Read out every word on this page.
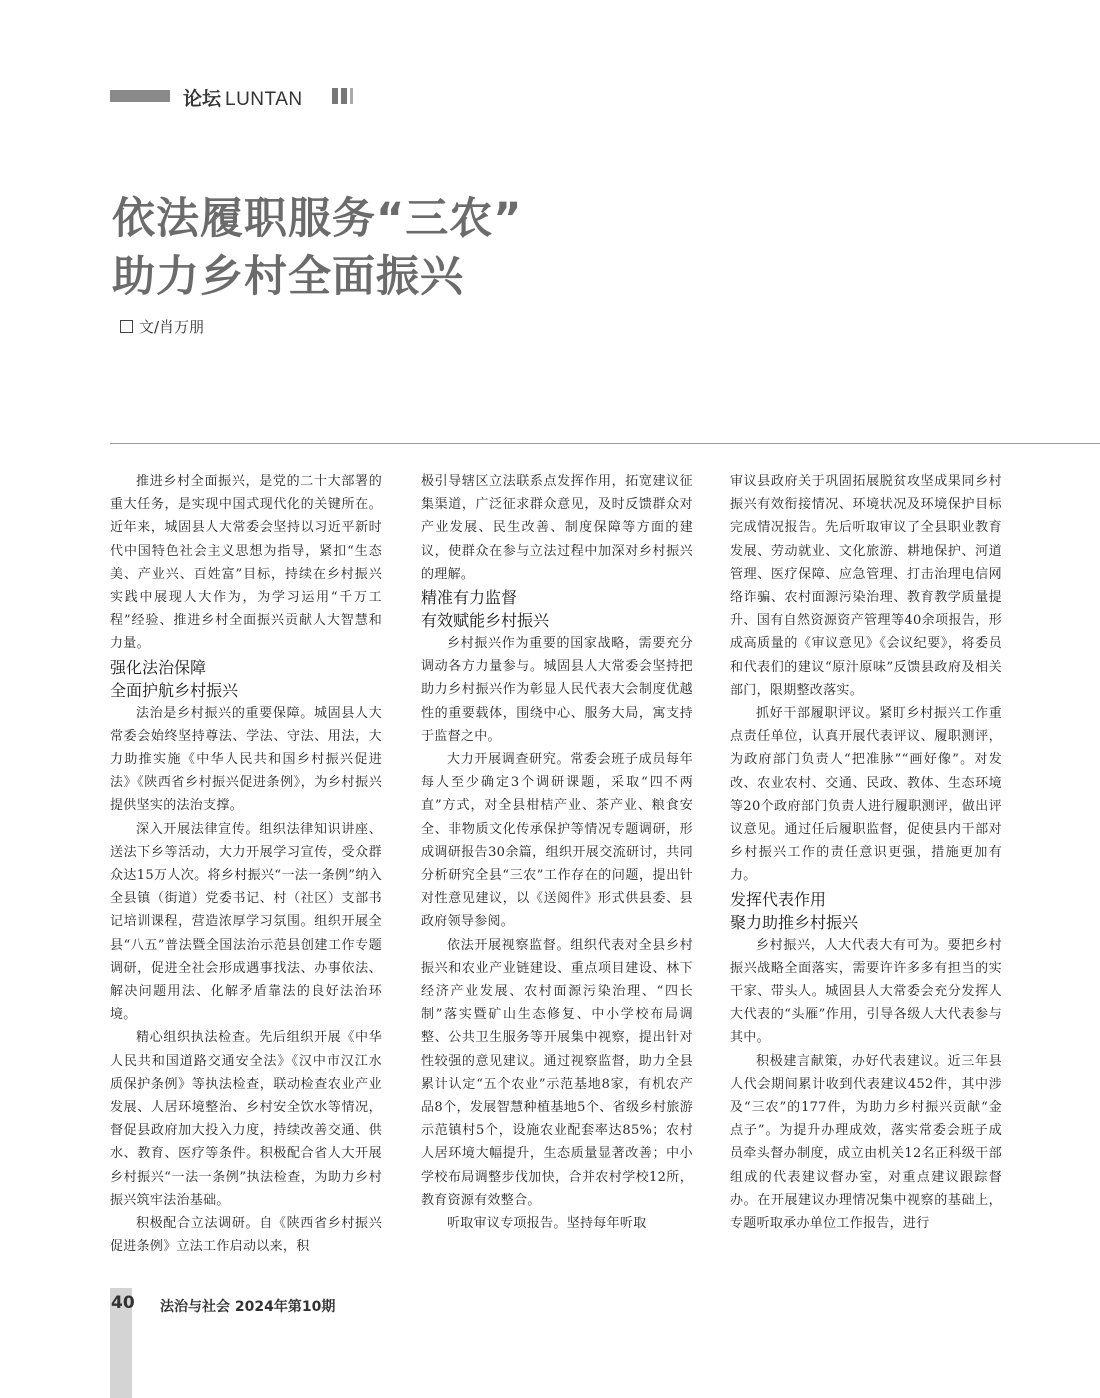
论坛 LUNTAN
依法履职服务“三农”
助力乡村全面振兴
文/肖万朋

推进乡村全面振兴，是党的二十大部署的重大任务，是实现中国式现代化的关键所在。近年来，城固县人大常委会坚持以习近平新时代中国特色社会主义思想为指导，紧扣“生态美、产业兴、百姓富”目标，持续在乡村振兴实践中展现人大作为，为学习运用“千万工程”经验、推进乡村全面振兴贡献人大智慧和力量。

强化法治保障
全面护航乡村振兴

法治是乡村振兴的重要保障。城固县人大常委会始终坚持尊法、学法、守法、用法，大力助推实施《中华人民共和国乡村振兴促进法》《陕西省乡村振兴促进条例》，为乡村振兴提供坚实的法治支撑。

深入开展法律宣传。组织法律知识讲座、送法下乡等活动，大力开展学习宣传，受众群众达15万人次。将乡村振兴“一法一条例”纳入全县镇（街道）党委书记、村（社区）支部书记培训课程，营造浓厚学习氛围。组织开展全县“八五”普法暨全国法治示范县创建工作专题调研，促进全社会形成遇事找法、办事依法、解决问题用法、化解矛盾靠法的良好法治环境。

精心组织执法检查。先后组织开展《中华人民共和国道路交通安全法》《汉中市汉江水质保护条例》等执法检查，联动检查农业产业发展、人居环境整治、乡村安全饮水等情况，督促县政府加大投入力度，持续改善交通、供水、教育、医疗等条件。积极配合省人大开展乡村振兴“一法一条例”执法检查，为助力乡村振兴筑牢法治基础。

积极配合立法调研。自《陕西省乡村振兴促进条例》立法工作启动以来，积

极引导辖区立法联系点发挥作用，拓宽建议征集渠道，广泛征求群众意见，及时反馈群众对产业发展、民生改善、制度保障等方面的建议，使群众在参与立法过程中加深对乡村振兴的理解。

精准有力监督
有效赋能乡村振兴

乡村振兴作为重要的国家战略，需要充分调动各方力量参与。城固县人大常委会坚持把助力乡村振兴作为彰显人民代表大会制度优越性的重要载体，围绕中心、服务大局，寓支持于监督之中。

大力开展调查研究。常委会班子成员每年每人至少确定3个调研课题，采取“四不两直”方式，对全县柑桔产业、茶产业、粮食安全、非物质文化传承保护等情况专题调研，形成调研报告30余篇，组织开展交流研讨，共同分析研究全县“三农”工作存在的问题，提出针对性意见建议，以《送阅件》形式供县委、县政府领导参阅。

依法开展视察监督。组织代表对全县乡村振兴和农业产业链建设、重点项目建设、林下经济产业发展、农村面源污染治理、“四长制”落实暨矿山生态修复、中小学校布局调整、公共卫生服务等开展集中视察，提出针对性较强的意见建议。通过视察监督，助力全县累计认定“五个农业”示范基地8家，有机农产品8个，发展智慧种植基地5个、省级乡村旅游示范镇村5个，设施农业配套率达85%；农村人居环境大幅提升，生态质量显著改善；中小学校布局调整步伐加快，合并农村学校12所，教育资源有效整合。

听取审议专项报告。坚持每年听取

审议县政府关于巩固拓展脱贫攻坚成果同乡村振兴有效衔接情况、环境状况及环境保护目标完成情况报告。先后听取审议了全县职业教育发展、劳动就业、文化旅游、耕地保护、河道管理、医疗保障、应急管理、打击治理电信网络诈骗、农村面源污染治理、教育教学质量提升、国有自然资源资产管理等40余项报告，形成高质量的《审议意见》《会议纪要》，将委员和代表们的建议“原汁原味”反馈县政府及相关部门，限期整改落实。

抓好干部履职评议。紧盯乡村振兴工作重点责任单位，认真开展代表评议、履职测评，为政府部门负责人“把准脉”“画好像”。对发改、农业农村、交通、民政、教体、生态环境等20个政府部门负责人进行履职测评，做出评议意见。通过任后履职监督，促使县内干部对乡村振兴工作的责任意识更强，措施更加有力。

发挥代表作用
聚力助推乡村振兴

乡村振兴，人大代表大有可为。要把乡村振兴战略全面落实，需要许许多多有担当的实干家、带头人。城固县人大常委会充分发挥人大代表的“头雁”作用，引导各级人大代表参与其中。

积极建言献策，办好代表建议。近三年县人代会期间累计收到代表建议452件，其中涉及“三农”的177件，为助力乡村振兴贡献“金点子”。为提升办理成效，落实常委会班子成员牵头督办制度，成立由机关12名正科级干部组成的代表建议督办室，对重点建议跟踪督办。在开展建议办理情况集中视察的基础上，专题听取承办单位工作报告，进行

40 法治与社会 2024年第10期
